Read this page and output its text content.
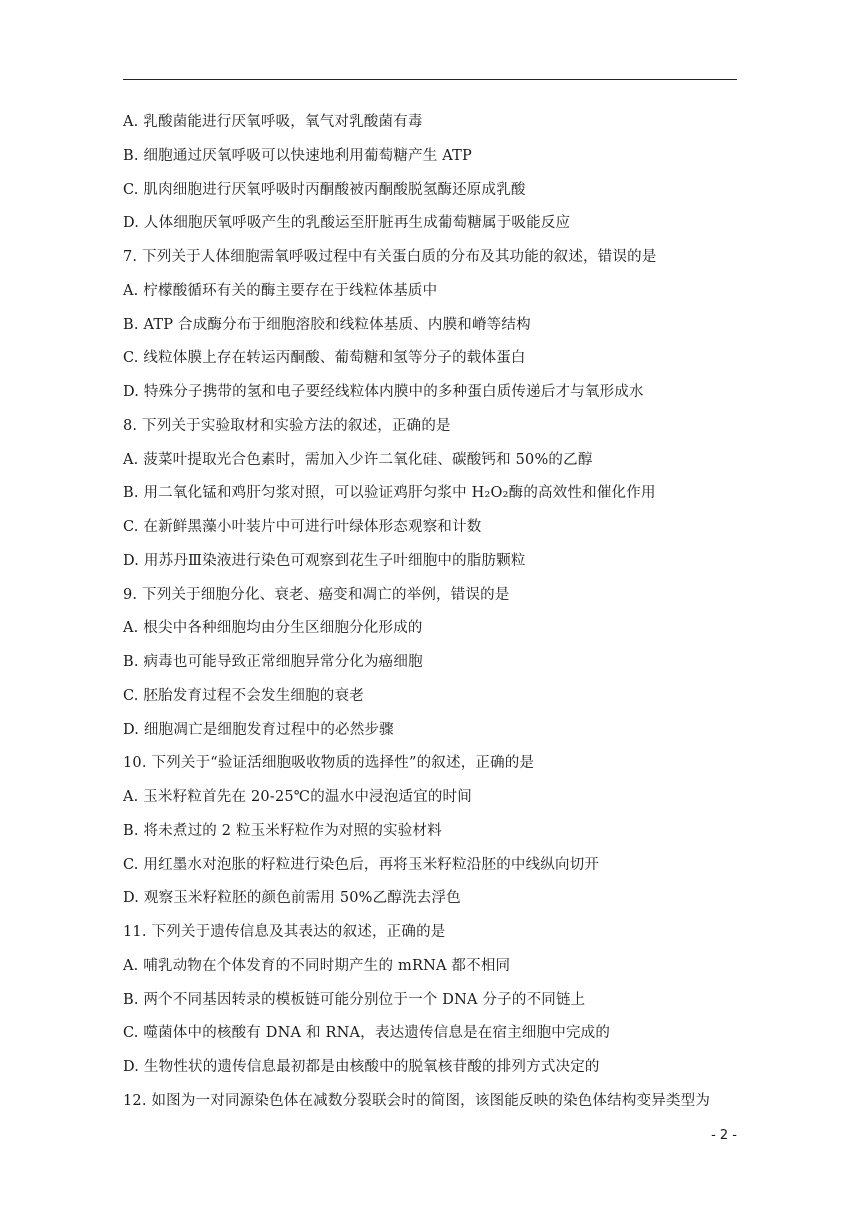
A. 乳酸菌能进行厌氧呼吸，氧气对乳酸菌有毒
B. 细胞通过厌氧呼吸可以快速地利用葡萄糖产生 ATP
C. 肌肉细胞进行厌氧呼吸时丙酮酸被丙酮酸脱氢酶还原成乳酸
D. 人体细胞厌氧呼吸产生的乳酸运至肝脏再生成葡萄糖属于吸能反应
7. 下列关于人体细胞需氧呼吸过程中有关蛋白质的分布及其功能的叙述，错误的是
A. 柠檬酸循环有关的酶主要存在于线粒体基质中
B. ATP 合成酶分布于细胞溶胶和线粒体基质、内膜和嵴等结构
C. 线粒体膜上存在转运丙酮酸、葡萄糖和氢等分子的载体蛋白
D. 特殊分子携带的氢和电子要经线粒体内膜中的多种蛋白质传递后才与氧形成水
8. 下列关于实验取材和实验方法的叙述，正确的是
A. 菠菜叶提取光合色素时，需加入少许二氧化硅、碳酸钙和 50%的乙醇
B. 用二氧化锰和鸡肝匀浆对照，可以验证鸡肝匀浆中 H₂O₂酶的高效性和催化作用
C. 在新鲜黑藻小叶装片中可进行叶绿体形态观察和计数
D. 用苏丹Ⅲ染液进行染色可观察到花生子叶细胞中的脂肪颗粒
9. 下列关于细胞分化、衰老、癌变和凋亡的举例，错误的是
A. 根尖中各种细胞均由分生区细胞分化形成的
B. 病毒也可能导致正常细胞异常分化为癌细胞
C. 胚胎发育过程不会发生细胞的衰老
D. 细胞凋亡是细胞发育过程中的必然步骤
10. 下列关于“验证活细胞吸收物质的选择性”的叙述，正确的是
A. 玉米籽粒首先在 20-25℃的温水中浸泡适宜的时间
B. 将未煮过的 2 粒玉米籽粒作为对照的实验材料
C. 用红墨水对泡胀的籽粒进行染色后，再将玉米籽粒沿胚的中线纵向切开
D. 观察玉米籽粒胚的颜色前需用 50%乙醇洗去浮色
11. 下列关于遗传信息及其表达的叙述，正确的是
A. 哺乳动物在个体发育的不同时期产生的 mRNA 都不相同
B. 两个不同基因转录的模板链可能分别位于一个 DNA 分子的不同链上
C. 噬菌体中的核酸有 DNA 和 RNA，表达遗传信息是在宿主细胞中完成的
D. 生物性状的遗传信息最初都是由核酸中的脱氧核苷酸的排列方式决定的
12. 如图为一对同源染色体在减数分裂联会时的简图，该图能反映的染色体结构变异类型为
- 2 -
